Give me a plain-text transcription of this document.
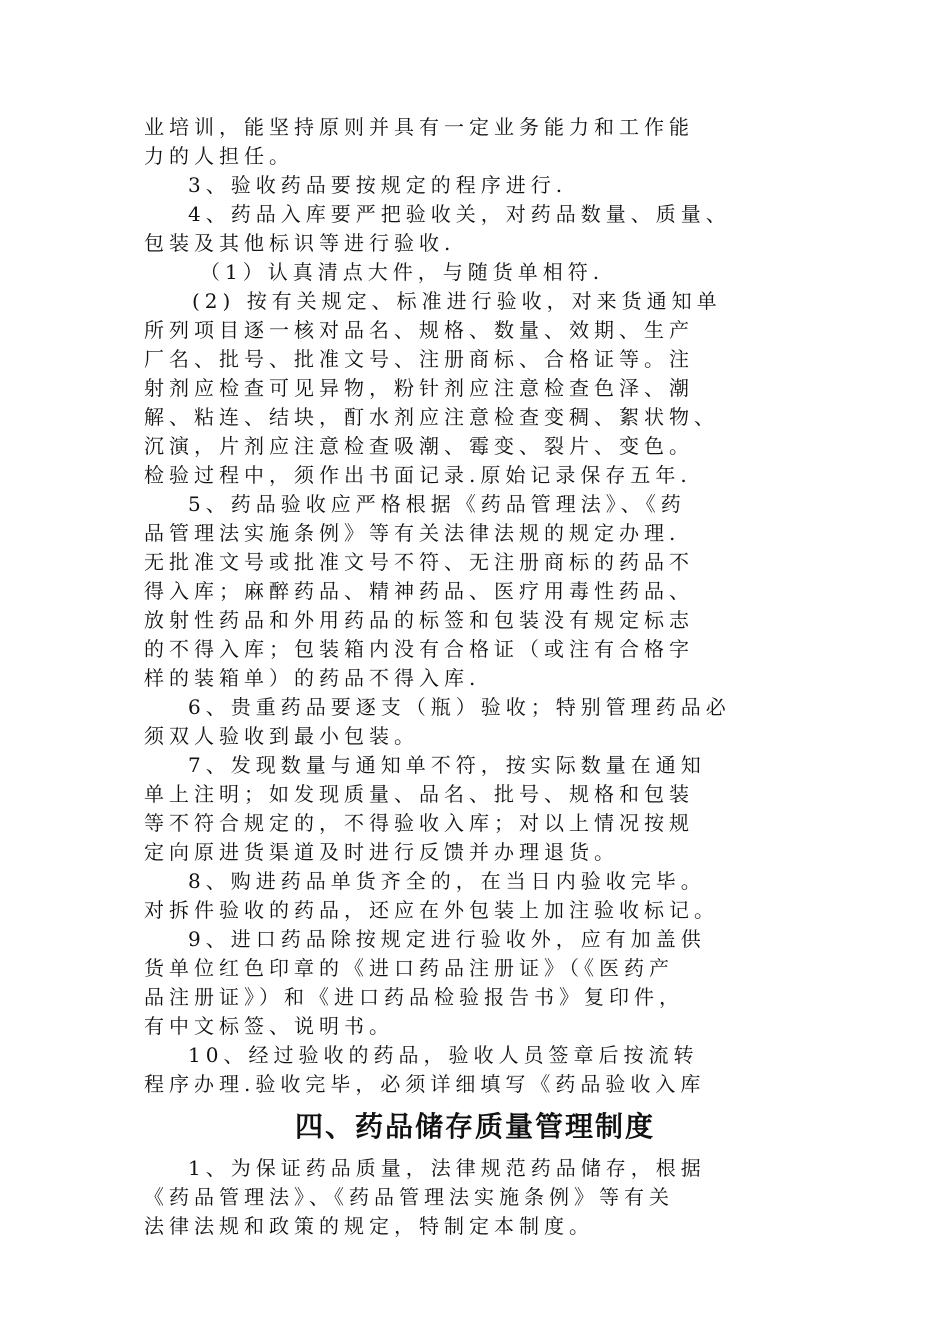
业培训，能坚持原则并具有一定业务能力和工作能
力的人担任。
3、验收药品要按规定的程序进行.
4、药品入库要严把验收关，对药品数量、质量、
包装及其他标识等进行验收.
（1）认真清点大件，与随货单相符.
(2) 按有关规定、标准进行验收，对来货通知单
所列项目逐一核对品名、规格、数量、效期、生产
厂名、批号、批准文号、注册商标、合格证等。注
射剂应检查可见异物，粉针剂应注意检查色泽、潮
解、粘连、结块，酊水剂应注意检查变稠、絮状物、
沉演，片剂应注意检查吸潮、霉变、裂片、变色。
检验过程中，须作出书面记录.原始记录保存五年.
5、药品验收应严格根据《药品管理法》、《药
品管理法实施条例》等有关法律法规的规定办理.
无批准文号或批准文号不符、无注册商标的药品不
得入库；麻醉药品、精神药品、医疗用毒性药品、
放射性药品和外用药品的标签和包装没有规定标志
的不得入库；包装箱内没有合格证（或注有合格字
样的装箱单）的药品不得入库.
6、贵重药品要逐支（瓶）验收；特别管理药品必
须双人验收到最小包装。
7、发现数量与通知单不符，按实际数量在通知
单上注明；如发现质量、品名、批号、规格和包装
等不符合规定的，不得验收入库；对以上情况按规
定向原进货渠道及时进行反馈并办理退货。
8、购进药品单货齐全的，在当日内验收完毕。
对拆件验收的药品，还应在外包装上加注验收标记。
9、进口药品除按规定进行验收外，应有加盖供
货单位红色印章的《进口药品注册证》（《医药产
品注册证》）和《进口药品检验报告书》复印件，
有中文标签、说明书。
10、经过验收的药品，验收人员签章后按流转
程序办理.验收完毕，必须详细填写《药品验收入库
四、药品储存质量管理制度
1、为保证药品质量，法律规范药品储存，根据
《药品管理法》、《药品管理法实施条例》等有关
法律法规和政策的规定，特制定本制度。
